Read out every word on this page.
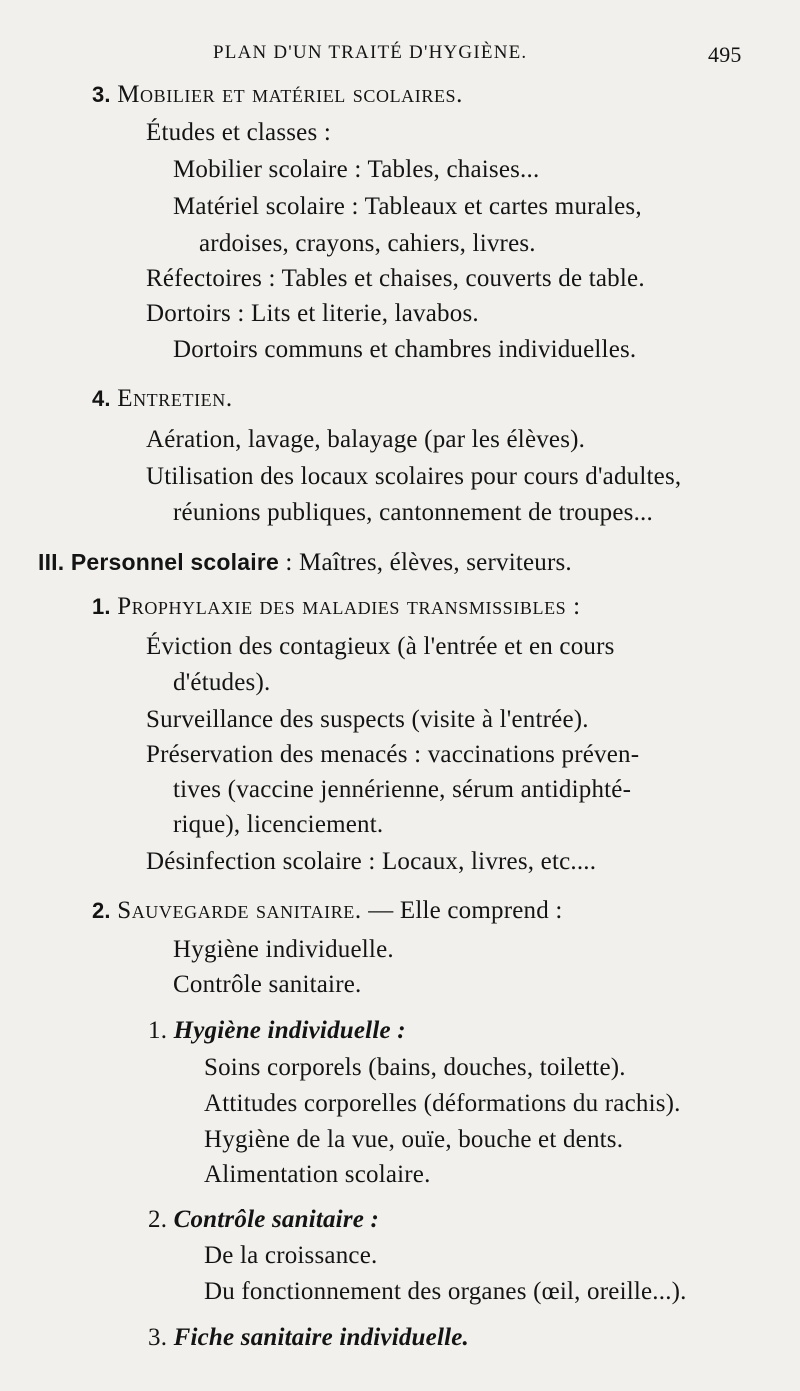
PLAN D'UN TRAITÉ D'HYGIÈNE.	495
3. Mobilier et matériel scolaires.
Études et classes :
Mobilier scolaire : Tables, chaises...
Matériel scolaire : Tableaux et cartes murales,
ardoises, crayons, cahiers, livres.
Réfectoires : Tables et chaises, couverts de table.
Dortoirs : Lits et literie, lavabos.
Dortoirs communs et chambres individuelles.
4. Entretien.
Aération, lavage, balayage (par les élèves).
Utilisation des locaux scolaires pour cours d'adultes,
réunions publiques, cantonnement de troupes...
III. Personnel scolaire : Maîtres, élèves, serviteurs.
1. Prophylaxie des maladies transmissibles :
Éviction des contagieux (à l'entrée et en cours
d'études).
Surveillance des suspects (visite à l'entrée).
Préservation des menacés : vaccinations préven-
tives (vaccine jennérienne, sérum antidiphté-
rique), licenciement.
Désinfection scolaire : Locaux, livres, etc....
2. Sauvegarde sanitaire. — Elle comprend :
Hygiène individuelle.
Contrôle sanitaire.
1. Hygiène individuelle :
Soins corporels (bains, douches, toilette).
Attitudes corporelles (déformations du rachis).
Hygiène de la vue, ouïe, bouche et dents.
Alimentation scolaire.
2. Contrôle sanitaire :
De la croissance.
Du fonctionnement des organes (œil, oreille...).
3. Fiche sanitaire individuelle.
